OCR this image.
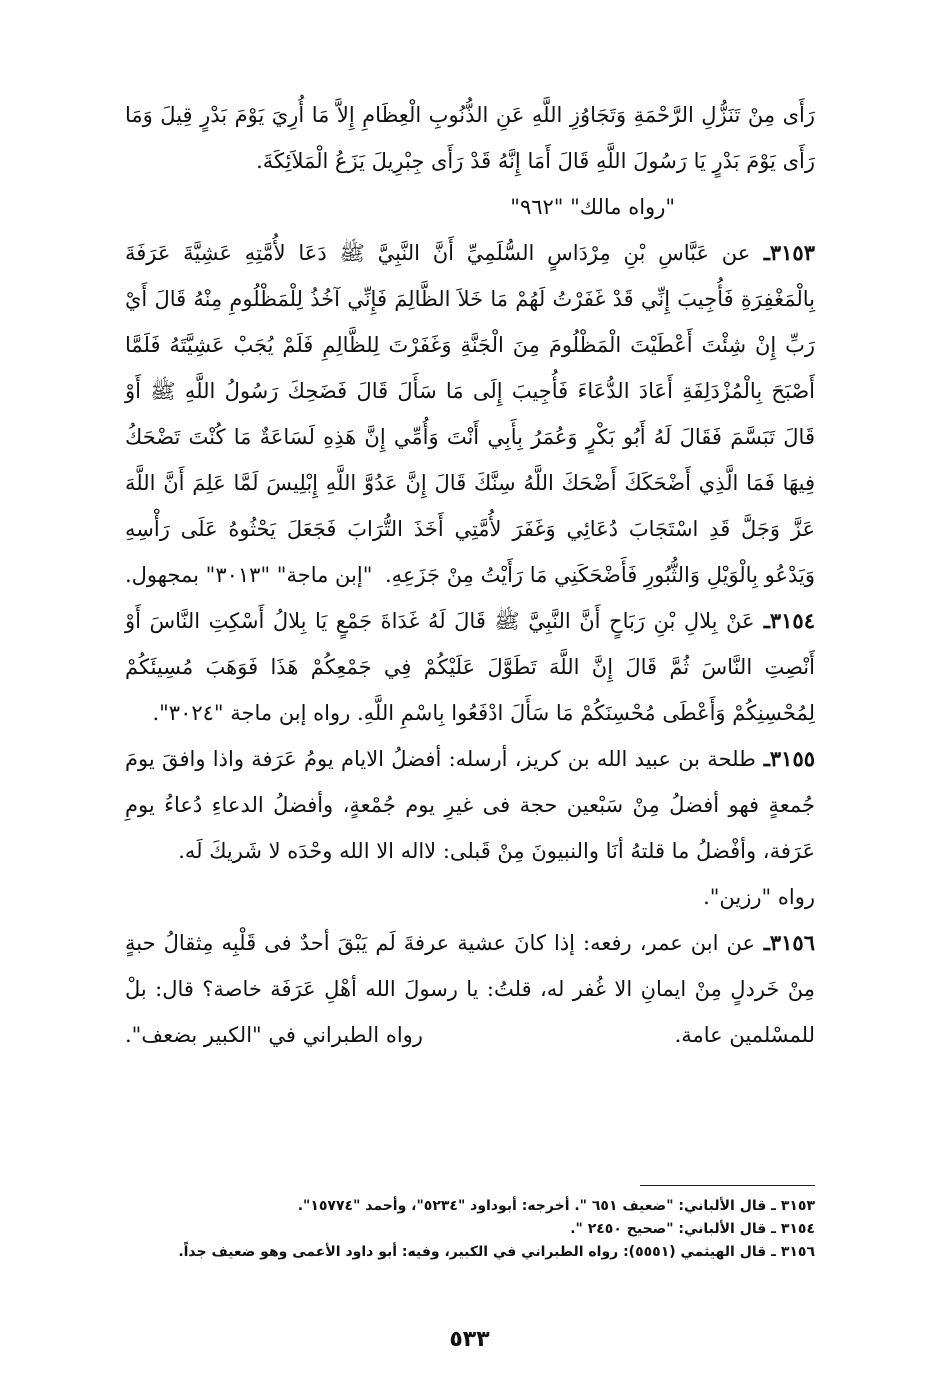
رَأَى مِنْ تَنَزُّلِ الرَّحْمَةِ وَتَجَاوُزِ اللَّهِ عَنِ الذُّنُوبِ الْعِظَامِ إِلاَّ مَا أُرِيَ يَوْمَ بَدْرٍ قِيلَ وَمَا رَأَى يَوْمَ بَدْرٍ يَا رَسُولَ اللَّهِ قَالَ أَمَا إِنَّهُ قَدْ رَأَى جِبْرِيلَ يَزَعُ الْمَلاَئِكَةَ.

"رواه مالك" "٩٦٢"

٣١٥٣ـ عن عَبَّاسِ بْنِ مِرْدَاسٍ السُّلَمِيِّ أَنَّ النَّبِيَّ ﷺ دَعَا لأُمَّتِهِ عَشِيَّةَ عَرَفَةَ بِالْمَغْفِرَةِ فَأُجِيبَ إِنِّي قَدْ غَفَرْتُ لَهُمْ مَا خَلاَ الظَّالِمَ فَإِنِّي آخُذُ لِلْمَظْلُومِ مِنْهُ قَالَ أَيْ رَبِّ إِنْ شِئْتَ أَعْطَيْتَ الْمَظْلُومَ مِنَ الْجَنَّةِ وَغَفَرْتَ لِلظَّالِمِ فَلَمْ يُجَبْ عَشِيَّتَهُ فَلَمَّا أَصْبَحَ بِالْمُزْدَلِفَةِ أَعَادَ الدُّعَاءَ فَأُجِيبَ إِلَى مَا سَأَلَ قَالَ فَضَحِكَ رَسُولُ اللَّهِ ﷺ أَوْ قَالَ تَبَسَّمَ فَقَالَ لَهُ أَبُو بَكْرٍ وَعُمَرُ بِأَبِي أَنْتَ وَأُمِّي إِنَّ هَذِهِ لَسَاعَةٌ مَا كُنْتَ تَضْحَكُ فِيهَا فَمَا الَّذِي أَضْحَكَكَ أَضْحَكَ اللَّهُ سِنَّكَ قَالَ إِنَّ عَدُوَّ اللَّهِ إِبْلِيسَ لَمَّا عَلِمَ أَنَّ اللَّهَ عَزَّ وَجَلَّ قَدِ اسْتَجَابَ دُعَائِي وَغَفَرَ لأُمَّتِي أَخَذَ التُّرَابَ فَجَعَلَ يَحْثُوهُ عَلَى رَأْسِهِ وَيَدْعُو بِالْوَيْلِ وَالثُّبُورِ فَأَضْحَكَنِي مَا رَأَيْتُ مِنْ جَزَعِهِ.
"إبن ماجة" "٣٠١٣" بمجهول.

٣١٥٤ـ عَنْ بِلالِ بْنِ رَبَاحٍ أَنَّ النَّبِيَّ ﷺ قَالَ لَهُ غَدَاةَ جَمْعٍ يَا بِلالُ أَسْكِتِ النَّاسَ أَوْ أَنْصِتِ النَّاسَ ثُمَّ قَالَ إِنَّ اللَّهَ تَطَوَّلَ عَلَيْكُمْ فِي جَمْعِكُمْ هَذَا فَوَهَبَ مُسِيئَكُمْ لِمُحْسِنِكُمْ وَأَعْطَى مُحْسِنَكُمْ مَا سَأَلَ ادْفَعُوا بِاسْمِ اللَّهِ. رواه إبن ماجة "٣٠٢٤".

٣١٥٥ـ طلحة بن عبيد الله بن كريز، أرسله: أفضلُ الايام يومُ عَرَفة واذا وافقَ يومَ جُمعةٍ فهو أفضلُ مِنْ سَبْعين حجة فى غيرِ يوم جُمْعةٍ، وأفضلُ الدعاءِ دُعاءُ يومِ عَرَفة، وأفْضلُ ما قلتهُ أنَا والنبيونَ مِنْ قَبلى: لااله الا الله وحْدَه لا شَريكَ لَه.

رواه "رزين".

٣١٥٦ـ عن ابن عمر، رفعه: إذا كانَ عشية عرفةَ لَم يَبْقَ أحدٌ فى قَلْبِه مِثقالُ حبةٍ مِنْ خَردلٍ مِنْ ايمانِ الا غُفر له، قلتُ: يا رسولَ الله أهْلِ عَرَفَة خاصة؟ قال: بلْ للمسْلمين عامة.
رواه الطبراني في "الكبير بضعف".

٣١٥٣ ـ قال الألباني: "ضعيف ٦٥١ ". أخرجه: أبوداود "٥٢٣٤"، وأحمد "١٥٧٧٤".

٣١٥٤ ـ قال الألباني: "صحيح ٢٤٥٠ ".

٣١٥٦ ـ قال الهيثمي (٥٥٥١): رواه الطبراني في الكبير، وفيه: أبو داود الأعمى وهو ضعيف جداً.

٥٣٣
